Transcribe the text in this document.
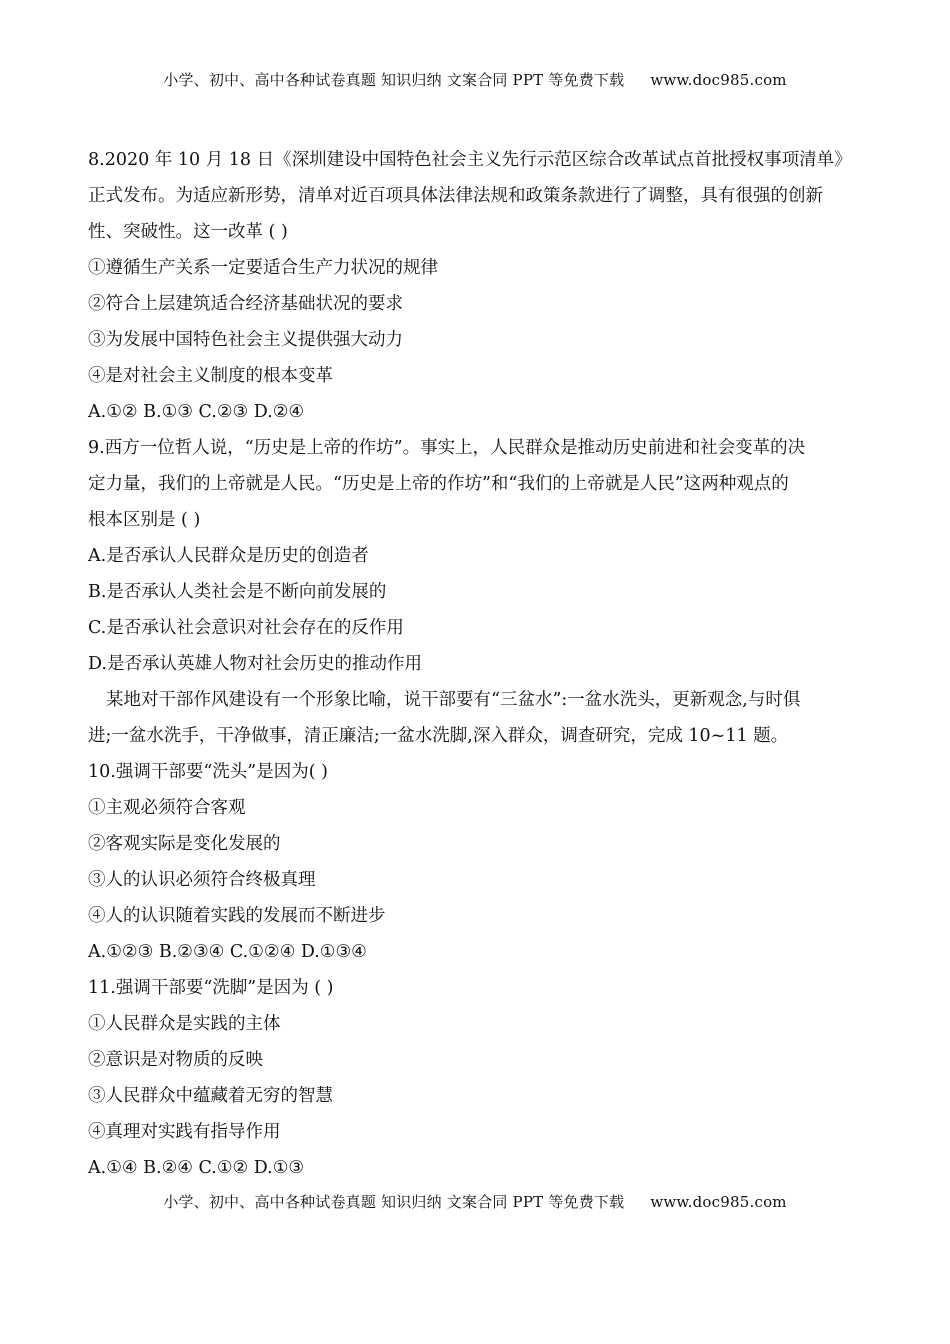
小学、初中、高中各种试卷真题 知识归纳 文案合同 PPT 等免费下载 www.doc985.com
8.2020 年 10 月 18 日《深圳建设中国特色社会主义先行示范区综合改革试点首批授权事项清单》
正式发布。为适应新形势，清单对近百项具体法律法规和政策条款进行了调整，具有很强的创新
性、突破性。这一改革 ( )
①遵循生产关系一定要适合生产力状况的规律
②符合上层建筑适合经济基础状况的要求
③为发展中国特色社会主义提供强大动力
④是对社会主义制度的根本变革
A.①② B.①③ C.②③ D.②④
9.西方一位哲人说，“历史是上帝的作坊”。事实上，人民群众是推动历史前进和社会变革的决
定力量，我们的上帝就是人民。“历史是上帝的作坊”和“我们的上帝就是人民”这两种观点的
根本区别是 ( )
A.是否承认人民群众是历史的创造者
B.是否承认人类社会是不断向前发展的
C.是否承认社会意识对社会存在的反作用
D.是否承认英雄人物对社会历史的推动作用
某地对干部作风建设有一个形象比喻，说干部要有“三盆水”:一盆水洗头，更新观念,与时俱
进;一盆水洗手，干净做事，清正廉洁;一盆水洗脚,深入群众，调查研究，完成 10~11 题。
10.强调干部要“洗头”是因为( )
①主观必须符合客观
②客观实际是变化发展的
③人的认识必须符合终极真理
④人的认识随着实践的发展而不断进步
A.①②③ B.②③④ C.①②④ D.①③④
11.强调干部要“洗脚”是因为 ( )
①人民群众是实践的主体
②意识是对物质的反映
③人民群众中蕴藏着无穷的智慧
④真理对实践有指导作用
A.①④ B.②④ C.①② D.①③
小学、初中、高中各种试卷真题 知识归纳 文案合同 PPT 等免费下载 www.doc985.com
